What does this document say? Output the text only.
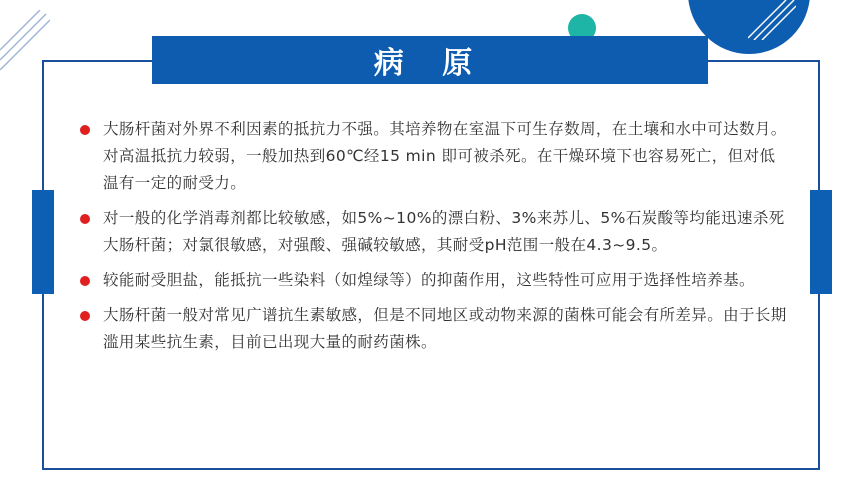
病 原
大肠杆菌对外界不利因素的抵抗力不强。其培养物在室温下可生存数周，在土壤和水中可达数月。对高温抵抗力较弱，一般加热到60℃经15 min 即可被杀死。在干燥环境下也容易死亡，但对低温有一定的耐受力。
对一般的化学消毒剂都比较敏感，如5%~10%的漂白粉、3%来苏儿、5%石炭酸等均能迅速杀死大肠杆菌；对氯很敏感，对强酸、强碱较敏感，其耐受pH范围一般在4.3~9.5。
较能耐受胆盐，能抵抗一些染料（如煌绿等）的抑菌作用，这些特性可应用于选择性培养基。
大肠杆菌一般对常见广谱抗生素敏感，但是不同地区或动物来源的菌株可能会有所差异。由于长期滥用某些抗生素，目前已出现大量的耐药菌株。
